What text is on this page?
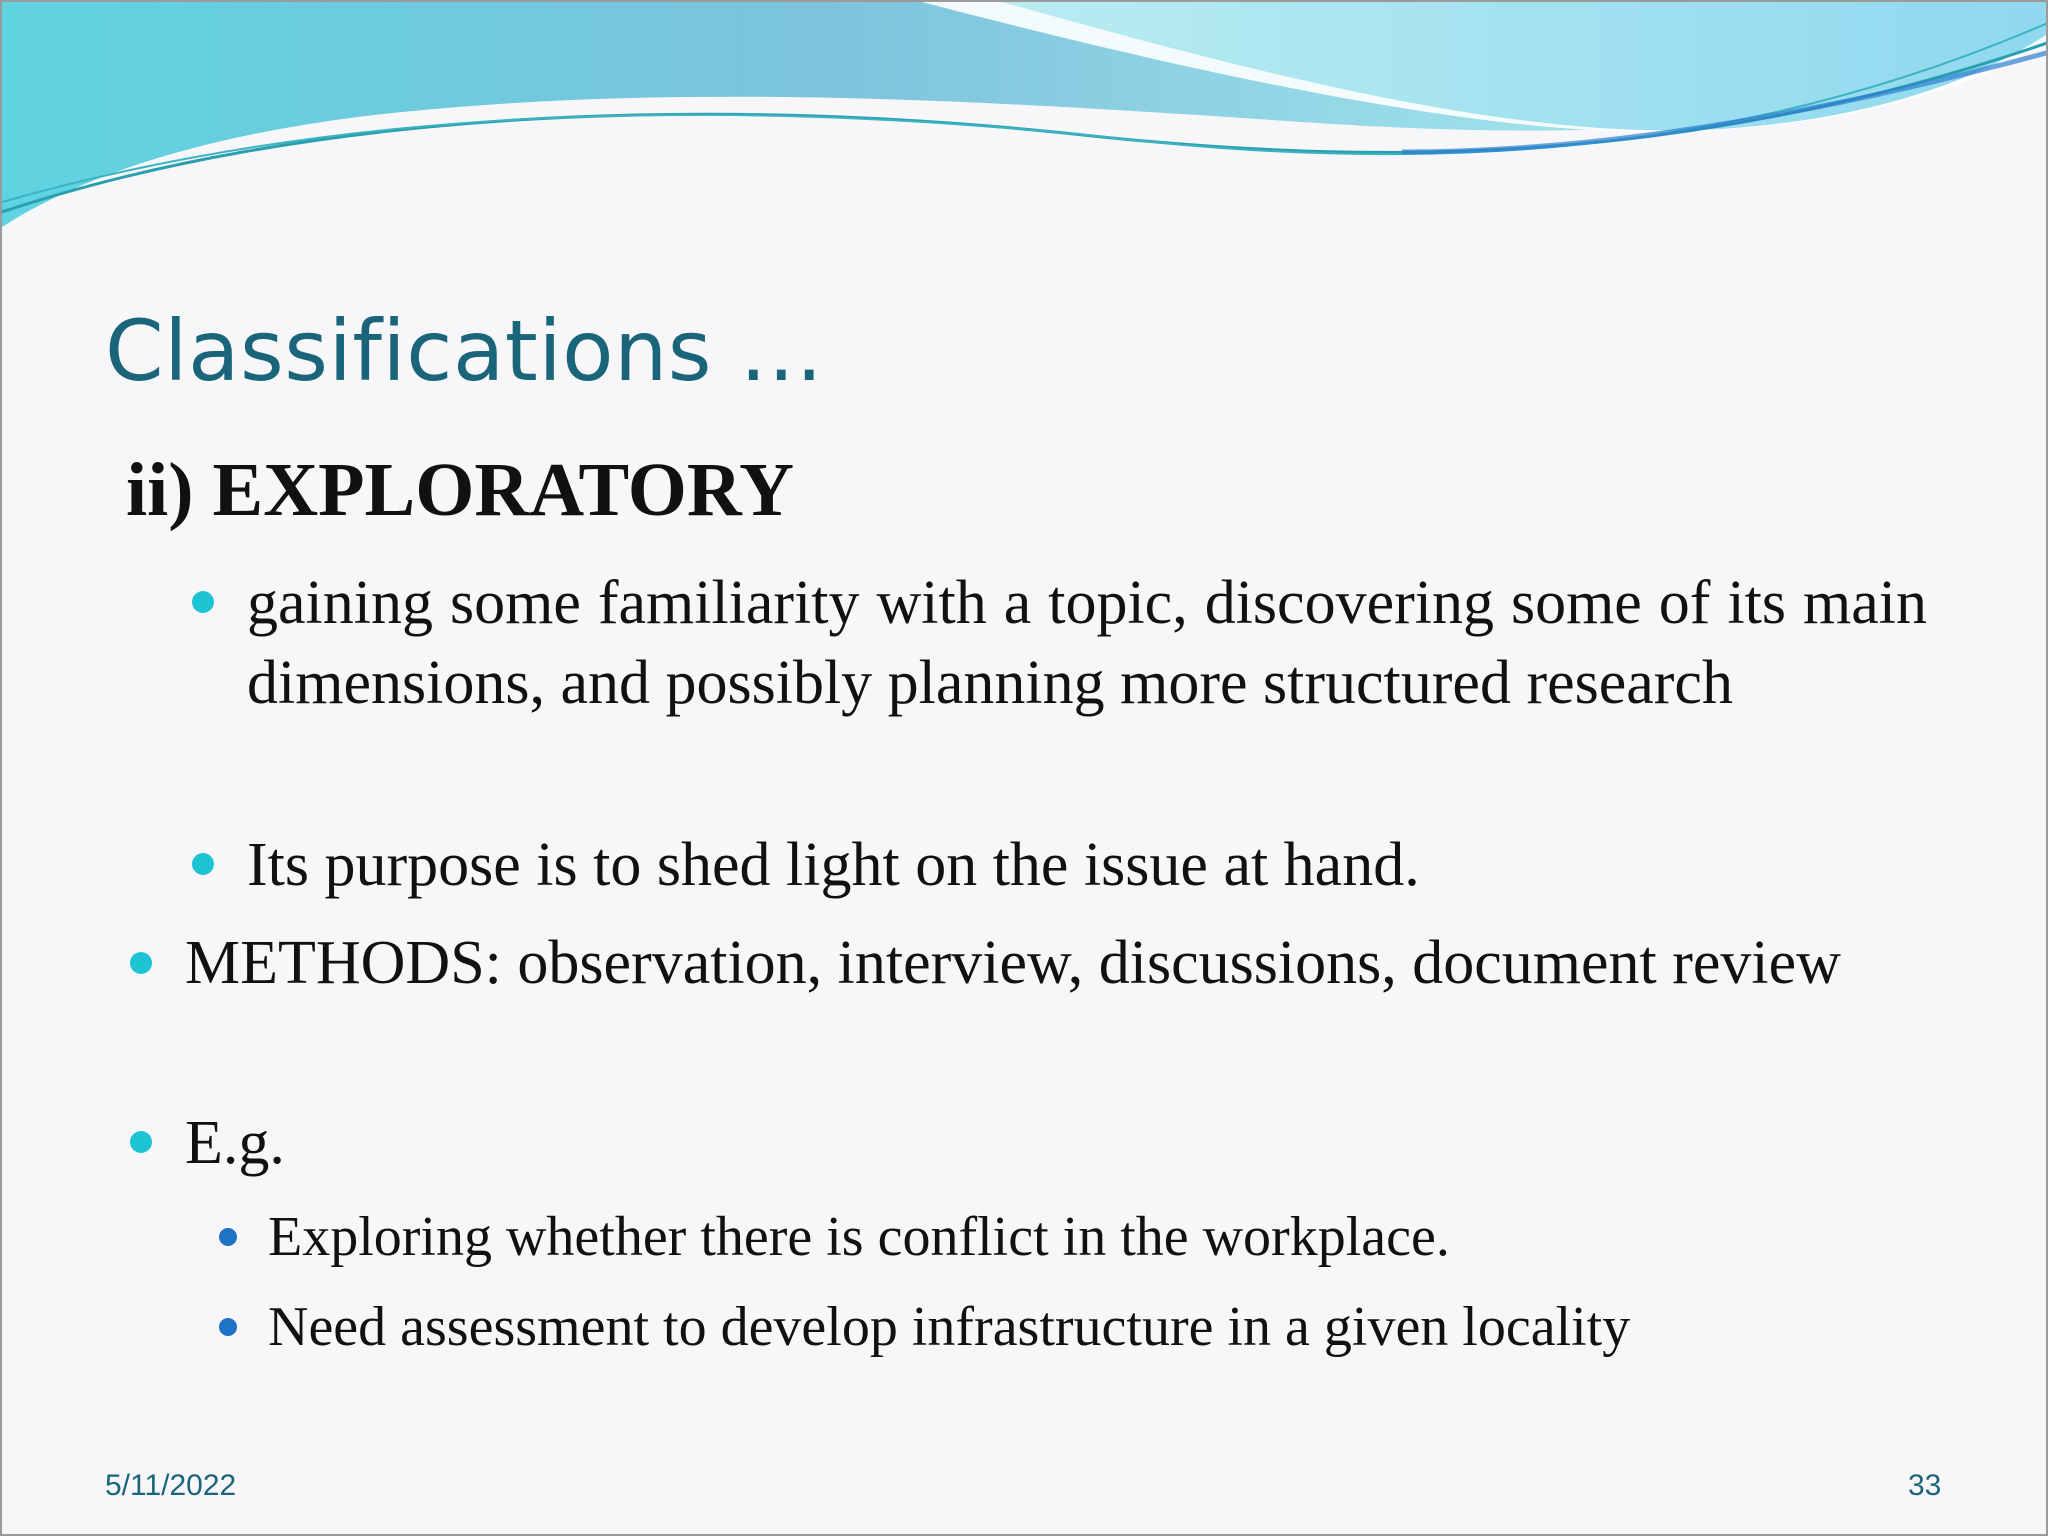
Classifications …
ii) EXPLORATORY
gaining some familiarity with a topic, discovering some of its main dimensions, and possibly planning more structured research
Its purpose is to shed light on the issue at hand.
METHODS: observation, interview, discussions, document review
E.g.
Exploring whether there is conflict in the workplace.
Need assessment to develop infrastructure in a given locality
5/11/2022	33
